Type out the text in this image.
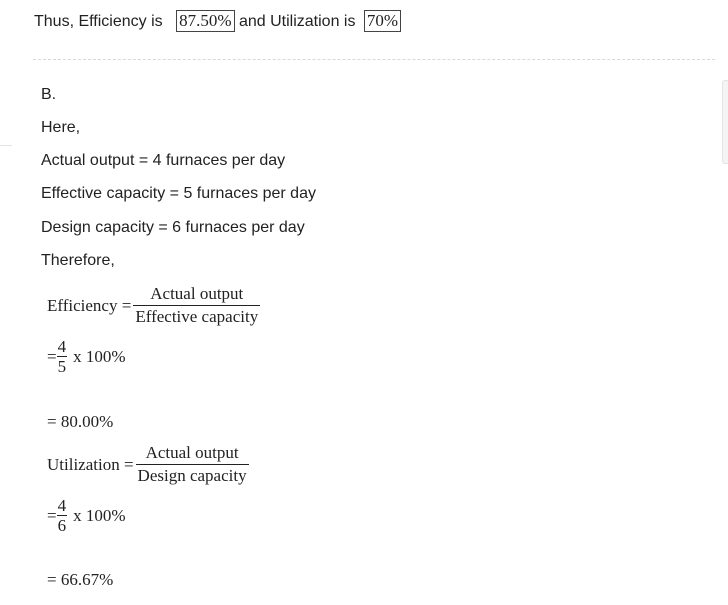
Thus, Efficiency is 87.50% and Utilization is 70%
B.
Here,
Actual output = 4 furnaces per day
Effective capacity = 5 furnaces per day
Design capacity = 6 furnaces per day
Therefore,
Efficiency = $\frac{\text{Actual output}}{\text{Effective capacity}}$
= $\frac{4}{5}$ x 100%
= 80.00%
Utilization = $\frac{\text{Actual output}}{\text{Design capacity}}$
= $\frac{4}{6}$ x 100%
= 66.67%
